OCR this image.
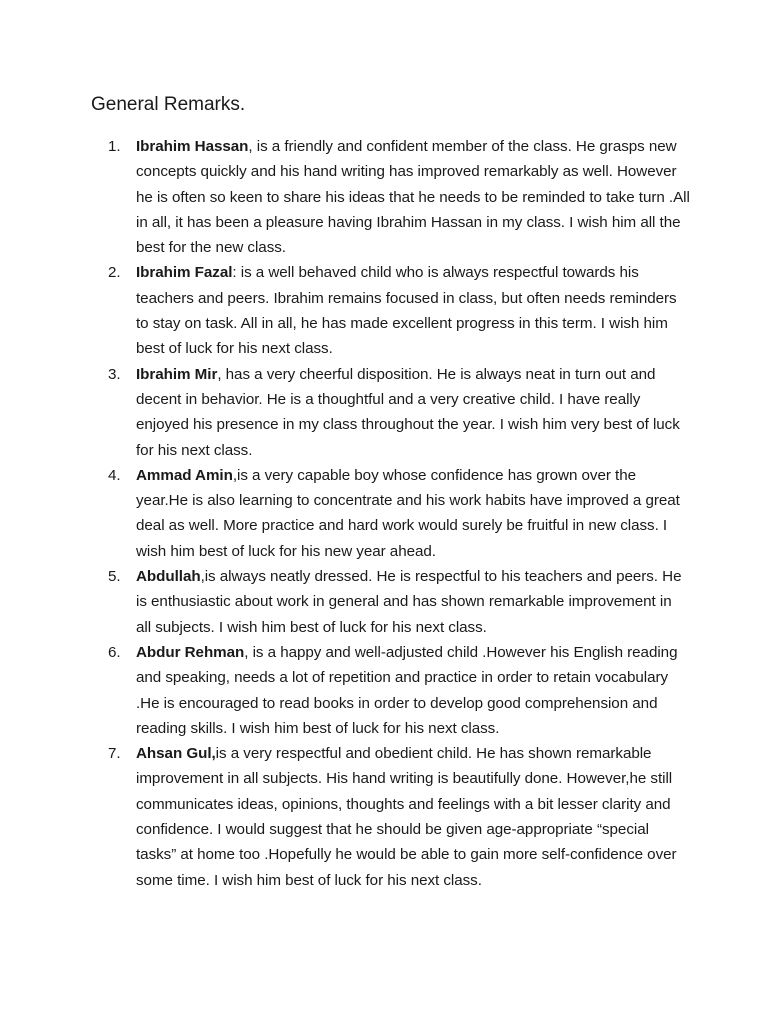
General Remarks.
1. Ibrahim Hassan, is a friendly and confident member of the class. He grasps new concepts quickly and his hand writing has improved remarkably as well. However he is often so keen to share his ideas that he needs to be reminded to take turn .All in all, it has been a pleasure having Ibrahim Hassan in my class. I wish him all the best for the new class.
2. Ibrahim Fazal: is a well behaved child who is always respectful towards his teachers and peers. Ibrahim remains focused in class, but often needs reminders to stay on task. All in all, he has made excellent progress in this term. I wish him best of luck for his next class.
3. Ibrahim Mir, has a very cheerful disposition. He is always neat in turn out and decent in behavior. He is a thoughtful and a very creative child. I have really enjoyed his presence in my class throughout the year. I wish him very best of luck for his next class.
4. Ammad Amin,is a very capable boy whose confidence has grown over the year.He is also learning to concentrate and his work habits have improved a great deal as well. More practice and hard work would surely be fruitful in new class. I wish him best of luck for his new year ahead.
5. Abdullah,is always neatly dressed. He is respectful to his teachers and peers. He is enthusiastic about work in general and has shown remarkable improvement in all subjects. I wish him best of luck for his next class.
6. Abdur Rehman, is a happy and well-adjusted child .However his English reading and speaking, needs a lot of repetition and practice in order to retain vocabulary .He is encouraged to read books in order to develop good comprehension and reading skills. I wish him best of luck for his next class.
7. Ahsan Gul,is a very respectful and obedient child. He has shown remarkable improvement in all subjects. His hand writing is beautifully done. However,he still communicates ideas, opinions, thoughts and feelings with a bit lesser clarity and confidence. I would suggest that he should be given age-appropriate “special tasks” at home too .Hopefully he would be able to gain more self-confidence over some time. I wish him best of luck for his next class.
